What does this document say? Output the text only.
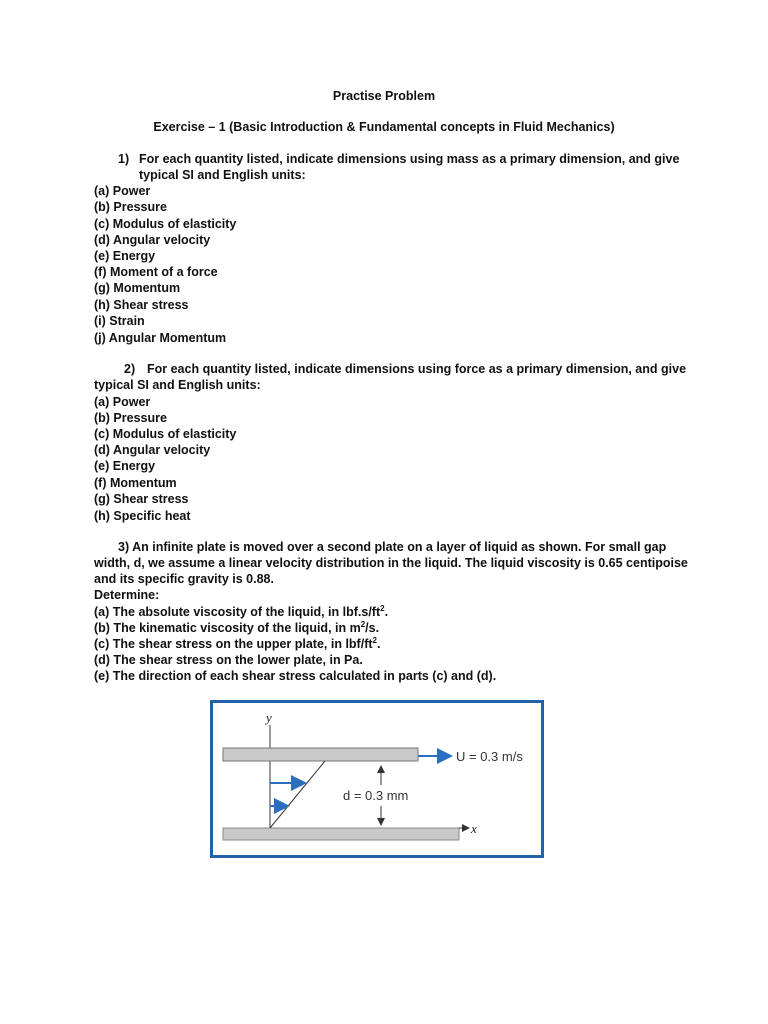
Practise Problem
Exercise – 1 (Basic Introduction & Fundamental concepts in Fluid Mechanics)
1) For each quantity listed, indicate dimensions using mass as a primary dimension, and give
typical SI and English units:
(a) Power
(b) Pressure
(c) Modulus of elasticity
(d) Angular velocity
(e) Energy
(f) Moment of a force
(g) Momentum
(h) Shear stress
(i) Strain
(j) Angular Momentum
2) For each quantity listed, indicate dimensions using force as a primary dimension, and give
typical SI and English units:
(a) Power
(b) Pressure
(c) Modulus of elasticity
(d) Angular velocity
(e) Energy
(f) Momentum
(g) Shear stress
(h) Specific heat
3) An infinite plate is moved over a second plate on a layer of liquid as shown. For small gap
width, d, we assume a linear velocity distribution in the liquid. The liquid viscosity is 0.65 centipoise
and its specific gravity is 0.88.
Determine:
(a) The absolute viscosity of the liquid, in $lbf.s/ft^2$.
(b) The kinematic viscosity of the liquid, in $m^2/s$.
(c) The shear stress on the upper plate, in lbf/$ft^2$.
(d) The shear stress on the lower plate, in Pa.
(e) The direction of each shear stress calculated in parts (c) and (d).
y
U = 0.3 m/s
x
d = 0.3 mm
